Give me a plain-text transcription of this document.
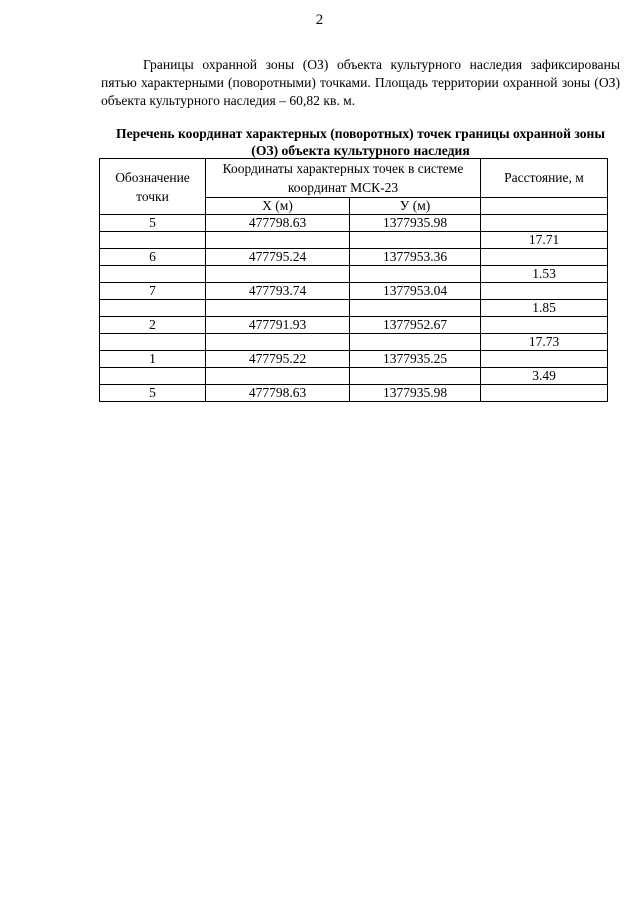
2
Границы охранной зоны (ОЗ) объекта культурного наследия зафиксированы пятью характерными (поворотными) точками. Площадь территории охранной зоны (ОЗ) объекта культурного наследия – 60,82 кв. м.
Перечень координат характерных (поворотных) точек границы охранной зоны (ОЗ) объекта культурного наследия
Обозначение точки	Координаты характерных точек в системе координат МСК-23		Расстояние, м
	X (м)	У (м)	
5	477798.63	1377935.98	
			17.71
6	477795.24	1377953.36	
			1.53
7	477793.74	1377953.04	
			1.85
2	477791.93	1377952.67	
			17.73
1	477795.22	1377935.25	
			3.49
5	477798.63	1377935.98	
